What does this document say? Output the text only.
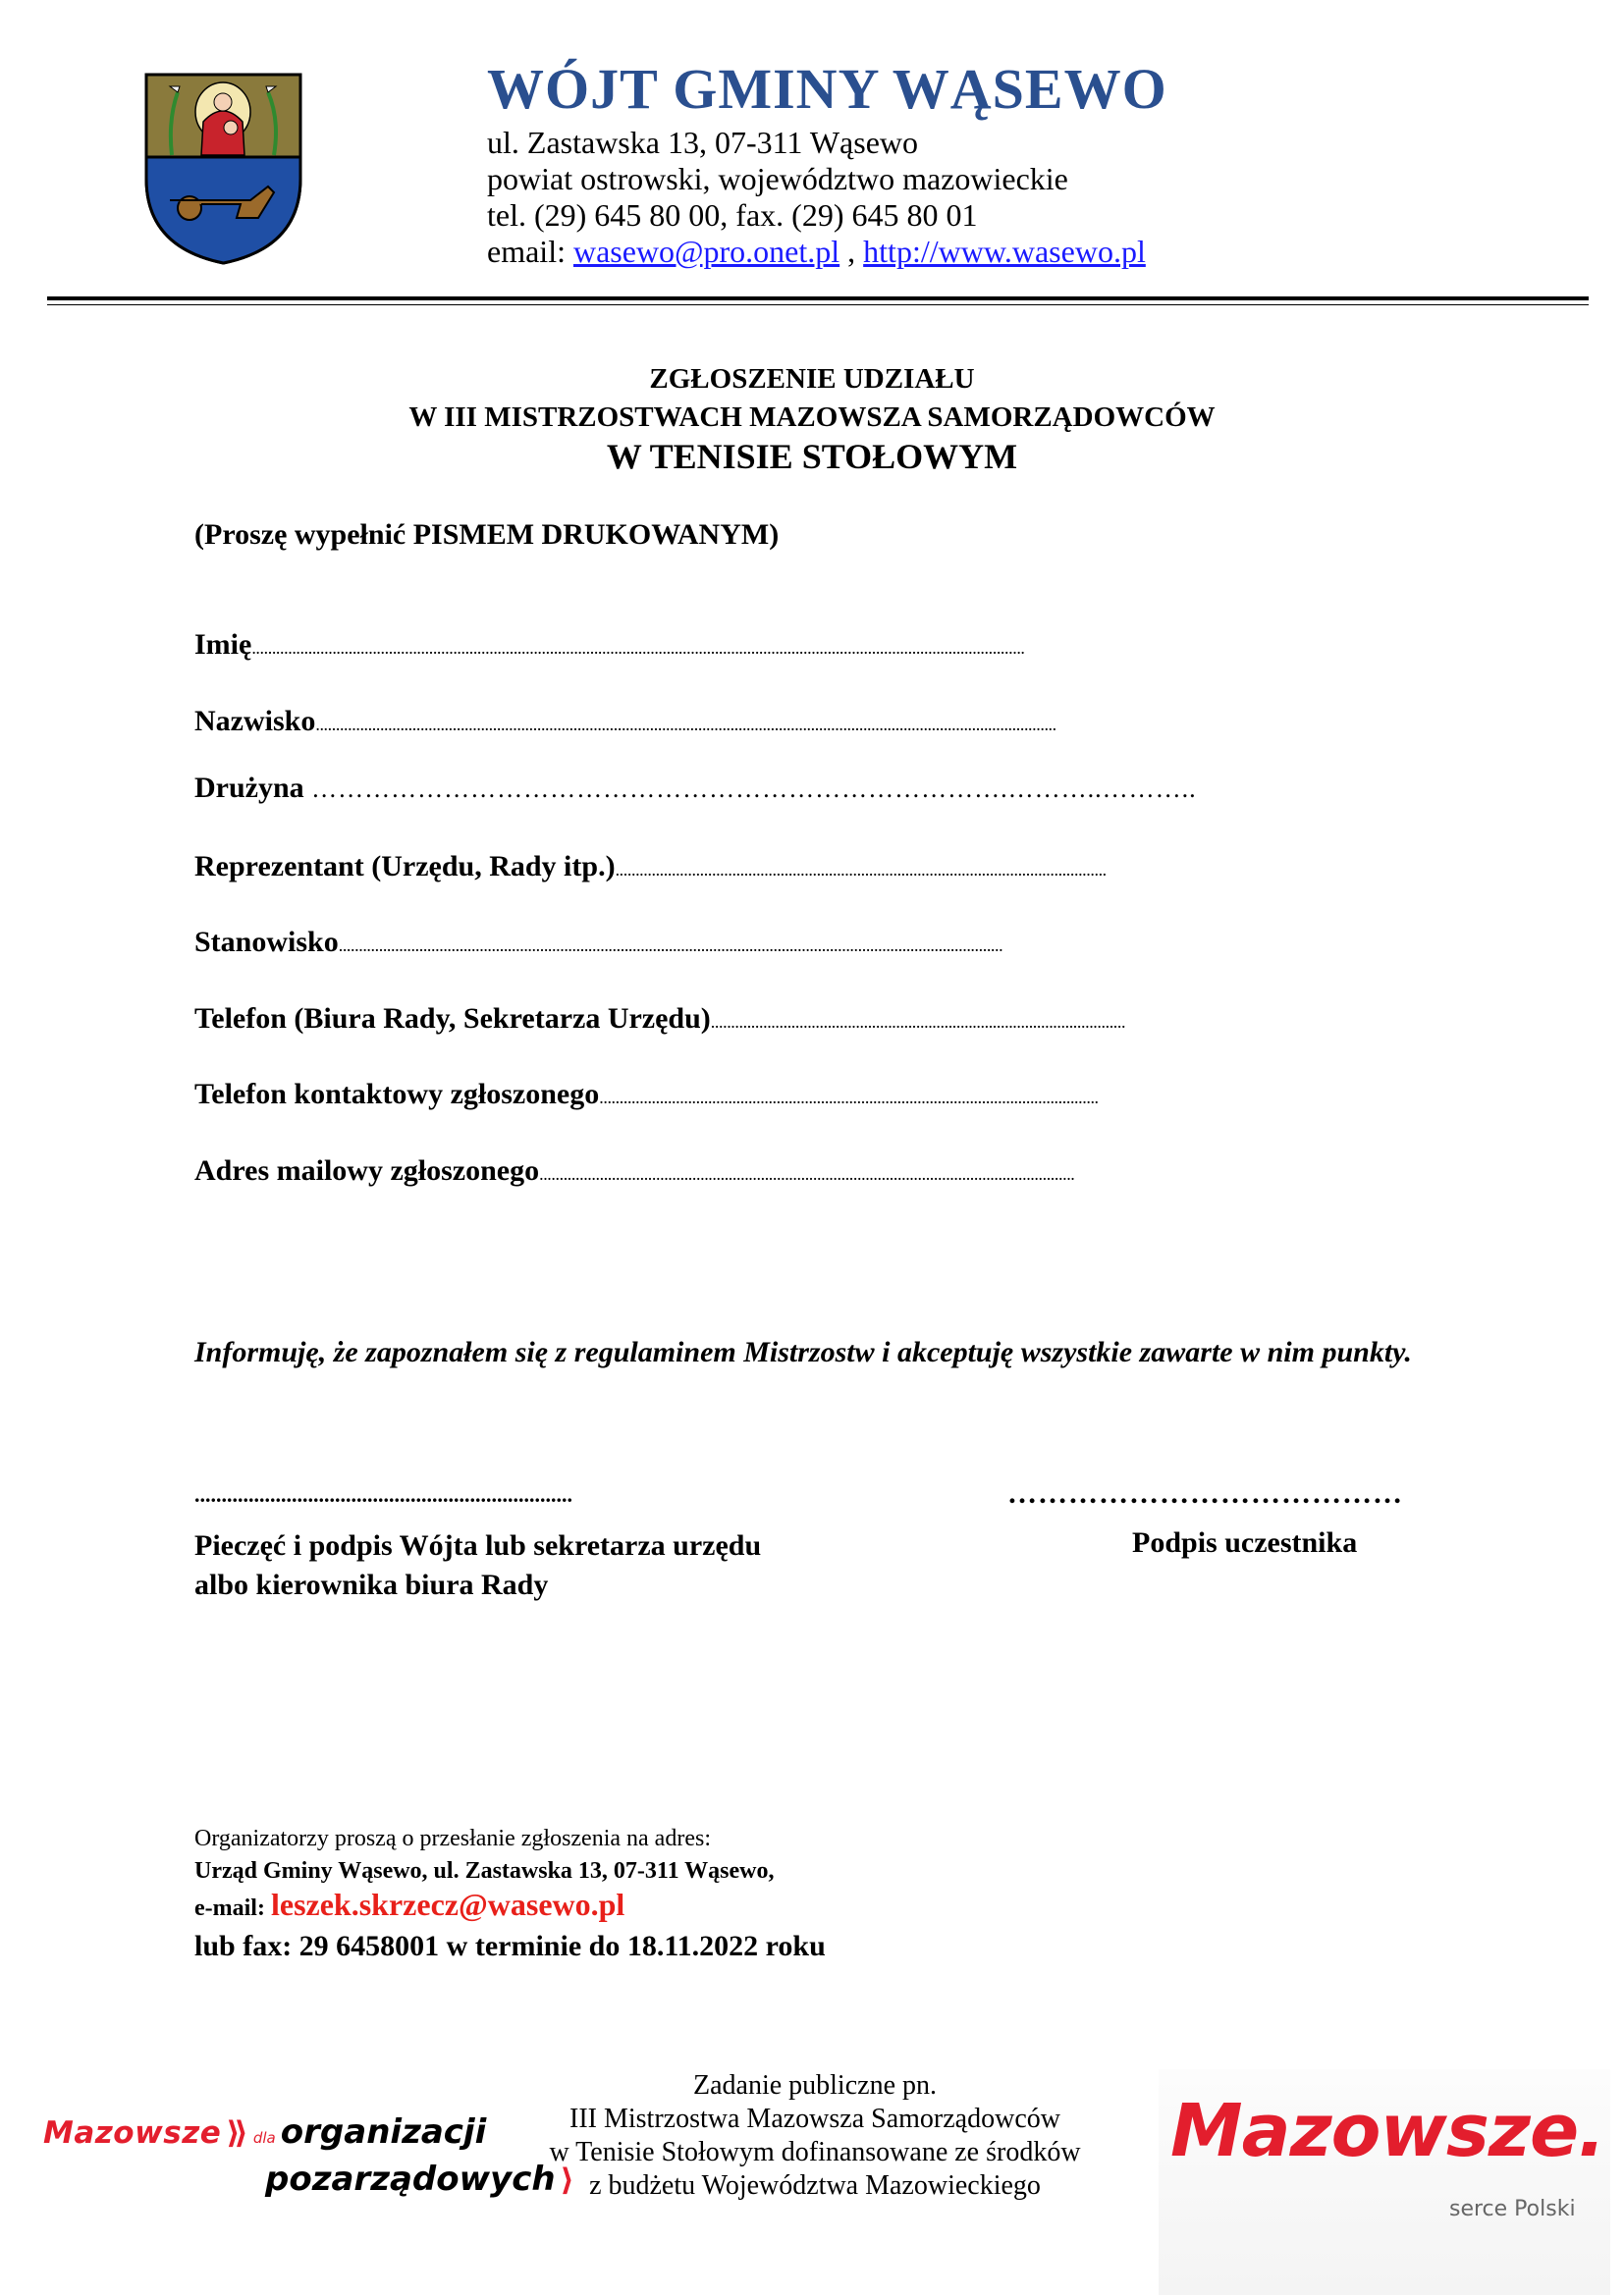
WÓJT GMINY WĄSEWO
ul. Zastawska 13, 07-311 Wąsewo
powiat ostrowski, województwo mazowieckie
tel. (29) 645 80 00, fax. (29) 645 80 01
email: wasewo@pro.onet.pl , http://www.wasewo.pl
ZGŁOSZENIE UDZIAŁU
W III MISTRZOSTWACH MAZOWSZA SAMORZĄDOWCÓW
W TENISIE STOŁOWYM
(Proszę wypełnić PISMEM DRUKOWANYM)
Imię................................................................................................................................................................................................
Nazwisko........................................................................................................................................................................................
Drużyna …………………………………………………………………….………..………..
Reprezentant (Urzędu, Rady itp.)..........................................................................................................................
Stanowisko.....................................................................................................................................................................
Telefon (Biura Rady, Sekretarza Urzędu).......................................................................................................
Telefon kontaktowy zgłoszonego............................................................................................................................
Adres mailowy zgłoszonego.....................................................................................................................................
Informuję, że zapoznałem się z regulaminem Mistrzostw i akceptuję wszystkie zawarte w nim punkty.
......................................................................	…………………………………
Pieczęć i podpis Wójta lub sekretarza urzędu
albo kierownika biura Rady
Podpis uczestnika
Organizatorzy proszą o przesłanie zgłoszenia na adres:
Urząd Gminy Wąsewo, ul. Zastawska 13, 07-311 Wąsewo,
e-mail: leszek.skrzecz@wasewo.pl
lub fax: 29 6458001 w terminie do 18.11.2022 roku
Mazowsze ⟫ dla organizacji
pozarządowych ⟩
Zadanie publiczne pn.
III Mistrzostwa Mazowsza Samorządowców
w Tenisie Stołowym dofinansowane ze środków
z budżetu Województwa Mazowieckiego
Mazowsze.
serce Polski
